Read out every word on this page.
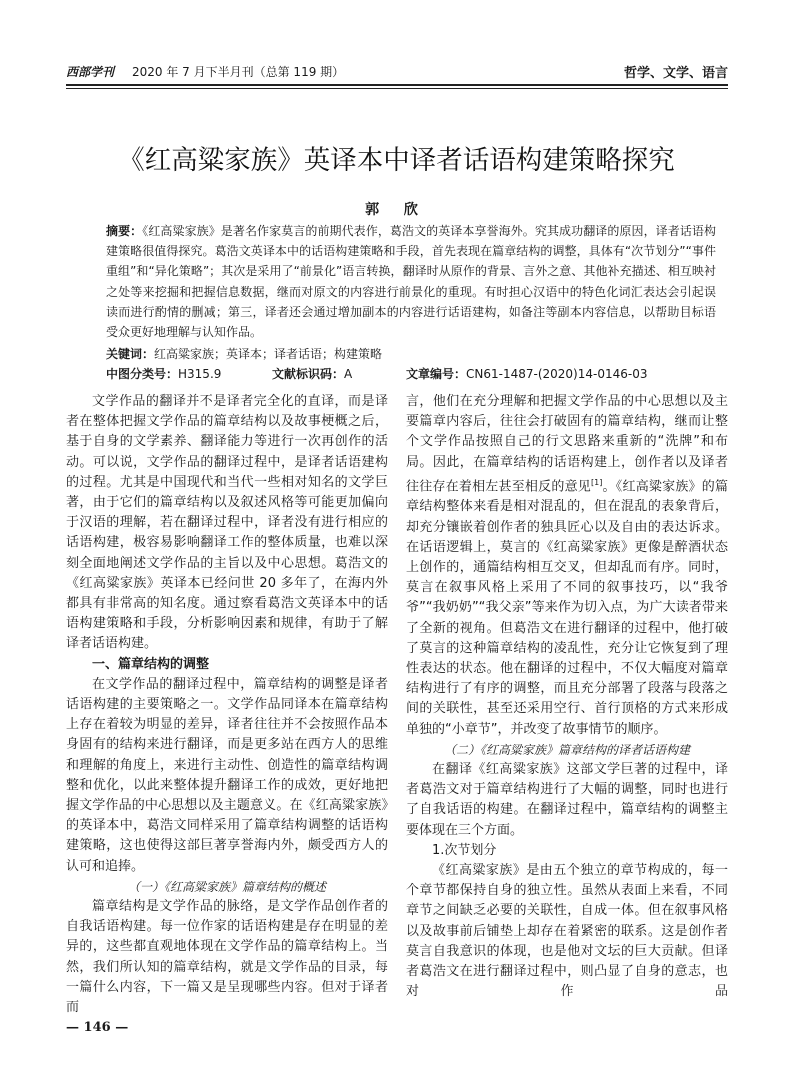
西部学刊 2020 年 7 月下半月刊（总第 119 期）	哲学、文学、语言
《红高粱家族》英译本中译者话语构建策略探究
郭 欣
摘要：《红高粱家族》是著名作家莫言的前期代表作，葛浩文的英译本享誉海外。究其成功翻译的原因，译者话语构建策略很值得探究。葛浩文英译本中的话语构建策略和手段，首先表现在篇章结构的调整，具体有“次节划分”“事件重组”和“异化策略”；其次是采用了“前景化”语言转换，翻译时从原作的背景、言外之意、其他补充描述、相互映衬之处等来挖掘和把握信息数据，继而对原文的内容进行前景化的重现。有时担心汉语中的特色化词汇表达会引起误读而进行酌情的删减；第三，译者还会通过增加副本的内容进行话语建构，如备注等副本内容信息，以帮助目标语受众更好地理解与认知作品。
关键词：红高粱家族；英译本；译者话语；构建策略
中图分类号：H315.9	文献标识码：A	文章编号：CN61-1487-(2020)14-0146-03

文学作品的翻译并不是译者完全化的直译，而是译者在整体把握文学作品的篇章结构以及故事梗概之后，基于自身的文学素养、翻译能力等进行一次再创作的活动。可以说，文学作品的翻译过程中，是译者话语建构的过程。尤其是中国现代和当代一些相对知名的文学巨著，由于它们的篇章结构以及叙述风格等可能更加偏向于汉语的理解，若在翻译过程中，译者没有进行相应的话语构建，极容易影响翻译工作的整体质量，也难以深刻全面地阐述文学作品的主旨以及中心思想。葛浩文的《红高粱家族》英译本已经问世 20 多年了，在海内外都具有非常高的知名度。通过察看葛浩文英译本中的话语构建策略和手段，分析影响因素和规律，有助于了解译者话语构建。

一、篇章结构的调整

在文学作品的翻译过程中，篇章结构的调整是译者话语构建的主要策略之一。文学作品同译本在篇章结构上存在着较为明显的差异，译者往往并不会按照作品本身固有的结构来进行翻译，而是更多站在西方人的思维和理解的角度上，来进行主动性、创造性的篇章结构调整和优化，以此来整体提升翻译工作的成效，更好地把握文学作品的中心思想以及主题意义。在《红高粱家族》的英译本中，葛浩文同样采用了篇章结构调整的话语构建策略，这也使得这部巨著享誉海内外，颇受西方人的认可和追捧。

（一）《红高粱家族》篇章结构的概述

篇章结构是文学作品的脉络，是文学作品创作者的自我话语构建。每一位作家的话语构建是存在明显的差异的，这些都直观地体现在文学作品的篇章结构上。当然，我们所认知的篇章结构，就是文学作品的目录，每一篇什么内容，下一篇又是呈现哪些内容。但对于译者而

言，他们在充分理解和把握文学作品的中心思想以及主要篇章内容后，往往会打破固有的篇章结构，继而让整个文学作品按照自己的行文思路来重新的“洗牌”和布局。因此，在篇章结构的话语构建上，创作者以及译者往往存在着相左甚至相反的意见[1]。《红高粱家族》的篇章结构整体来看是相对混乱的，但在混乱的表象背后，却充分镶嵌着创作者的独具匠心以及自由的表达诉求。在话语逻辑上，莫言的《红高粱家族》更像是醉酒状态上创作的，通篇结构相互交叉，但却乱而有序。同时，莫言在叙事风格上采用了不同的叙事技巧，以“我爷爷”“我奶奶”“我父亲”等来作为切入点，为广大读者带来了全新的视角。但葛浩文在进行翻译的过程中，他打破了莫言的这种篇章结构的凌乱性，充分让它恢复到了理性表达的状态。他在翻译的过程中，不仅大幅度对篇章结构进行了有序的调整，而且充分部署了段落与段落之间的关联性，甚至还采用空行、首行顶格的方式来形成单独的“小章节”，并改变了故事情节的顺序。

（二）《红高粱家族》篇章结构的译者话语构建

在翻译《红高粱家族》这部文学巨著的过程中，译者葛浩文对于篇章结构进行了大幅的调整，同时也进行了自我话语的构建。在翻译过程中，篇章结构的调整主要体现在三个方面。

1.次节划分

《红高粱家族》是由五个独立的章节构成的，每一个章节都保持自身的独立性。虽然从表面上来看，不同章节之间缺乏必要的关联性，自成一体。但在叙事风格以及故事前后铺垫上却存在着紧密的联系。这是创作者莫言自我意识的体现，也是他对文坛的巨大贡献。但译者葛浩文在进行翻译过程中，则凸显了自身的意志，也对作品

— 146 —
